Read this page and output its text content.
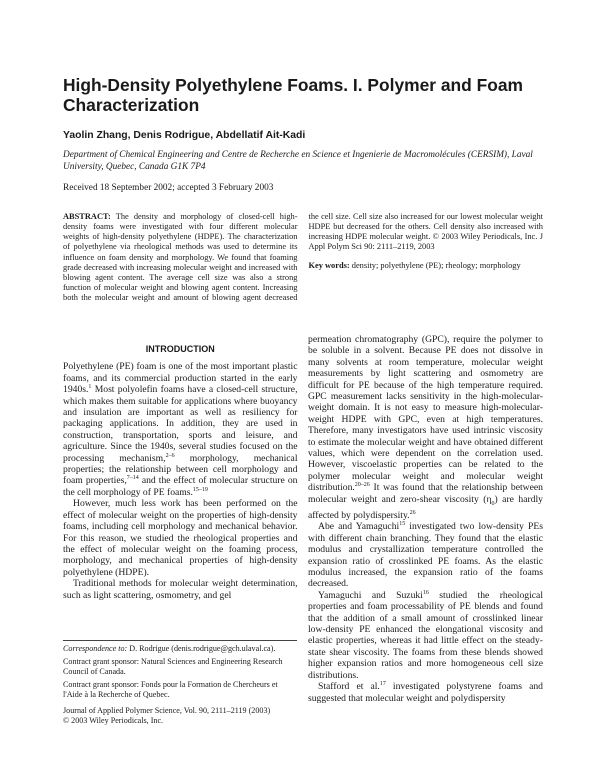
High-Density Polyethylene Foams. I. Polymer and Foam Characterization
Yaolin Zhang, Denis Rodrigue, Abdellatif Ait-Kadi
Department of Chemical Engineering and Centre de Recherche en Science et Ingenierie de Macromolécules (CERSIM), Laval University, Quebec, Canada G1K 7P4
Received 18 September 2002; accepted 3 February 2003

ABSTRACT: The density and morphology of closed-cell high-density foams were investigated with four different molecular weights of high-density polyethylene (HDPE). The characterization of polyethylene via rheological methods was used to determine its influence on foam density and morphology. We found that foaming grade decreased with increasing molecular weight and increased with blowing agent content. The average cell size was also a strong function of molecular weight and blowing agent content. Increasing both the molecular weight and amount of blowing agent decreased the cell size. Cell size also increased for our lowest molecular weight HDPE but decreased for the others. Cell density also increased with increasing HDPE molecular weight. © 2003 Wiley Periodicals, Inc. J Appl Polym Sci 90: 2111–2119, 2003

Key words: density; polyethylene (PE); rheology; morphology

INTRODUCTION

Polyethylene (PE) foam is one of the most important plastic foams, and its commercial production started in the early 1940s.$^1$ Most polyolefin foams have a closed-cell structure, which makes them suitable for applications where buoyancy and insulation are important as well as resiliency for packaging applications. In addition, they are used in construction, transportation, sports and leisure, and agriculture. Since the 1940s, several studies focused on the processing mechanism,$^{2-6}$ morphology, mechanical properties; the relationship between cell morphology and foam properties,$^{7-14}$ and the effect of molecular structure on the cell morphology of PE foams.$^{15-19}$

However, much less work has been performed on the effect of molecular weight on the properties of high-density foams, including cell morphology and mechanical behavior. For this reason, we studied the rheological properties and the effect of molecular weight on the foaming process, morphology, and mechanical properties of high-density polyethylene (HDPE).

Traditional methods for molecular weight determination, such as light scattering, osmometry, and gel

Correspondence to: D. Rodrigue (denis.rodrigue@gch.ulaval.ca).

Contract grant sponsor: Natural Sciences and Engineering Research Council of Canada.

Contract grant sponsor: Fonds pour la Formation de Chercheurs et l'Aide à la Recherche of Quebec.

Journal of Applied Polymer Science, Vol. 90, 2111–2119 (2003)
© 2003 Wiley Periodicals, Inc.

permeation chromatography (GPC), require the polymer to be soluble in a solvent. Because PE does not dissolve in many solvents at room temperature, molecular weight measurements by light scattering and osmometry are difficult for PE because of the high temperature required. GPC measurement lacks sensitivity in the high-molecular-weight domain. It is not easy to measure high-molecular-weight HDPE with GPC, even at high temperatures. Therefore, many investigators have used intrinsic viscosity to estimate the molecular weight and have obtained different values, which were dependent on the correlation used. However, viscoelastic properties can be related to the polymer molecular weight and molecular weight distribution.$^{20-26}$ It was found that the relationship between molecular weight and zero-shear viscosity $(\eta_0)$ are hardly affected by polydispersity.$^{26}$

Abe and Yamaguchi$^{15}$ investigated two low-density PEs with different chain branching. They found that the elastic modulus and crystallization temperature controlled the expansion ratio of crosslinked PE foams. As the elastic modulus increased, the expansion ratio of the foams decreased.

Yamaguchi and Suzuki$^{16}$ studied the rheological properties and foam processability of PE blends and found that the addition of a small amount of crosslinked linear low-density PE enhanced the elongational viscosity and elastic properties, whereas it had little effect on the steady-state shear viscosity. The foams from these blends showed higher expansion ratios and more homogeneous cell size distributions.

Stafford et al.$^{17}$ investigated polystyrene foams and suggested that molecular weight and polydispersity
